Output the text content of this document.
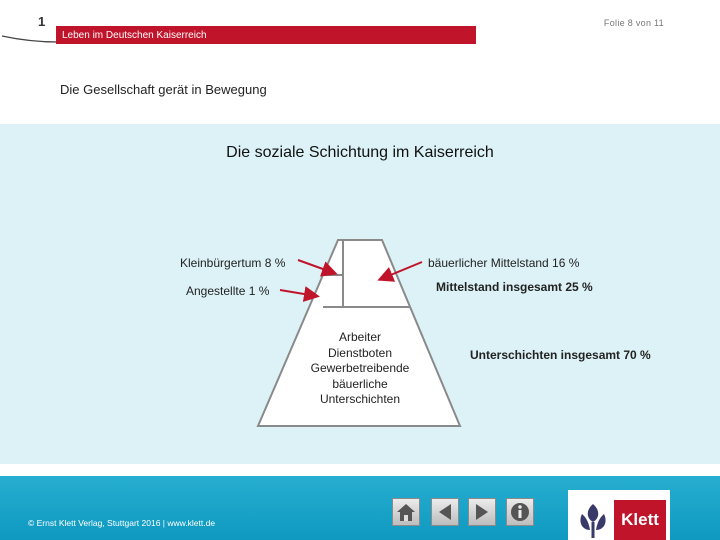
1	Folie 8 von 11
Leben im Deutschen Kaiserreich
Die Gesellschaft gerät in Bewegung
Die soziale Schichtung im Kaiserreich
Kleinbürgertum 8 %
Angestellte 1 %
bäuerlicher Mittelstand 16 %
Mittelstand insgesamt 25 %
Unterschichten insgesamt 70 %
Arbeiter
Dienstboten
Gewerbetreibende
bäuerliche
Unterschichten
© Ernst Klett Verlag, Stuttgart 2016 | www.klett.de	Klett
